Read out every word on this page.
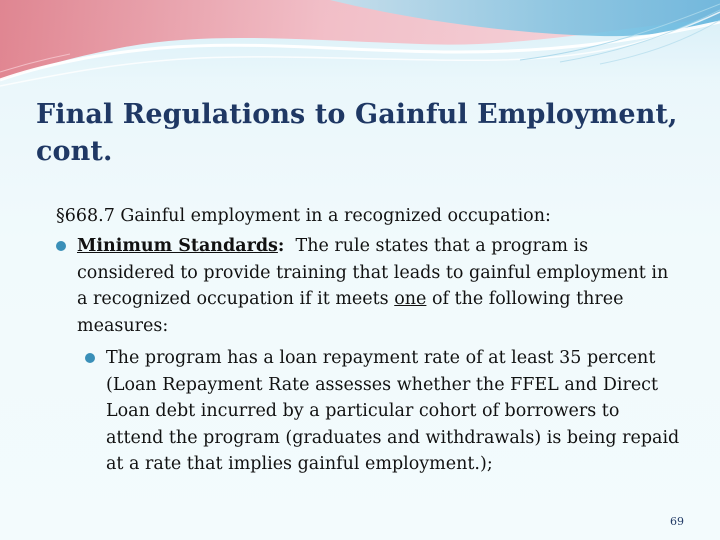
Final Regulations to Gainful Employment, cont.

§668.7 Gainful employment in a recognized occupation:

Minimum Standards:  The rule states that a program is considered to provide training that leads to gainful employment in a recognized occupation if it meets one of the following three measures:

The program has a loan repayment rate of at least 35 percent (Loan Repayment Rate assesses whether the FFEL and Direct Loan debt incurred by a particular cohort of borrowers to attend the program (graduates and withdrawals) is being repaid at a rate that implies gainful employment.);

69
